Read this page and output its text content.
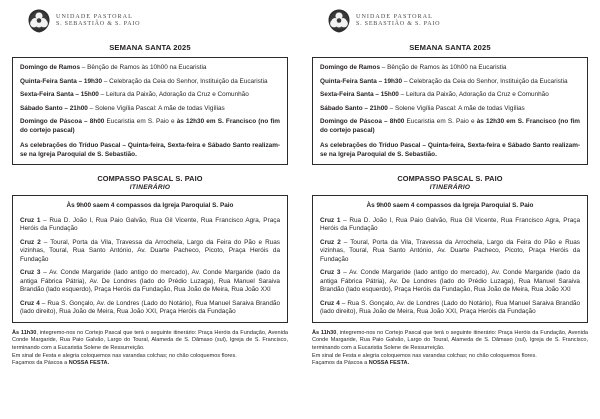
UNIDADE PASTORAL
S. SEBASTIÃO & S. PAIO
SEMANA SANTA 2025

Domingo de Ramos – Bênção de Ramos às 10h00 na Eucaristia

Quinta-Feira Santa – 19h30 – Celebração da Ceia do Senhor, Instituição da Eucaristia

Sexta-Feira Santa – 15h00 – Leitura da Paixão, Adoração da Cruz e Comunhão

Sábado Santo – 21h00 – Solene Vigília Pascal: A mãe de todas Vigílias

Domingo de Páscoa – 8h00 Eucaristia em S. Paio e às 12h30 em S. Francisco (no fim do cortejo pascal)

As celebrações do Tríduo Pascal – Quinta-feira, Sexta-feira e Sábado Santo realizam-se na Igreja Paroquial de S. Sebastião.

COMPASSO PASCAL S. PAIO
ITINERÁRIO

Às 9h00 saem 4 compassos da Igreja Paroquial S. Paio

Cruz 1 – Rua D. João I, Rua Paio Galvão, Rua Gil Vicente, Rua Francisco Agra, Praça Heróis da Fundação

Cruz 2 – Toural, Porta da Vila, Travessa da Arrochela, Largo da Feira do Pão e Ruas vizinhas, Toural, Rua Santo António, Av. Duarte Pacheco, Picoto, Praça Heróis da Fundação

Cruz 3 – Av. Conde Margaride (lado antigo do mercado), Av. Conde Margaride (lado da antiga Fábrica Pátria), Av. De Londres (lado do Prédio Luzaga), Rua Manuel Saraiva Brandão (lado esquerdo), Praça Heróis da Fundação, Rua João de Meira, Rua João XXI

Cruz 4 – Rua S. Gonçalo, Av. de Londres (Lado do Notário), Rua Manuel Saraiva Brandão (lado direito), Rua João de Meira, Rua João XXI, Praça Heróis da Fundação

Às 11h30, integremo-nos no Cortejo Pascal que terá o seguinte itinerário: Praça Heróis da Fundação, Avenida Conde Margaride, Rua Paio Galvão, Largo do Toural, Alameda de S. Dâmaso (sul), Igreja de S. Francisco, terminando com a Eucaristia Solene de Ressurreição.

Em sinal de Festa e alegria coloquemos nas varandas colchas; no chão coloquemos flores.

Façamos da Páscoa a NOSSA FESTA.

UNIDADE PASTORAL
S. SEBASTIÃO & S. PAIO
SEMANA SANTA 2025

Domingo de Ramos – Bênção de Ramos às 10h00 na Eucaristia

Quinta-Feira Santa – 19h30 – Celebração da Ceia do Senhor, Instituição da Eucaristia

Sexta-Feira Santa – 15h00 – Leitura da Paixão, Adoração da Cruz e Comunhão

Sábado Santo – 21h00 – Solene Vigília Pascal: A mãe de todas Vigílias

Domingo de Páscoa – 8h00 Eucaristia em S. Paio e às 12h30 em S. Francisco (no fim do cortejo pascal)

As celebrações do Tríduo Pascal – Quinta-feira, Sexta-feira e Sábado Santo realizam-se na Igreja Paroquial de S. Sebastião.

COMPASSO PASCAL S. PAIO
ITINERÁRIO

Às 9h00 saem 4 compassos da Igreja Paroquial S. Paio

Cruz 1 – Rua D. João I, Rua Paio Galvão, Rua Gil Vicente, Rua Francisco Agra, Praça Heróis da Fundação

Cruz 2 – Toural, Porta da Vila, Travessa da Arrochela, Largo da Feira do Pão e Ruas vizinhas, Toural, Rua Santo António, Av. Duarte Pacheco, Picoto, Praça Heróis da Fundação

Cruz 3 – Av. Conde Margaride (lado antigo do mercado), Av. Conde Margaride (lado da antiga Fábrica Pátria), Av. De Londres (lado do Prédio Luzaga), Rua Manuel Saraiva Brandão (lado esquerdo), Praça Heróis da Fundação, Rua João de Meira, Rua João XXI

Cruz 4 – Rua S. Gonçalo, Av. de Londres (Lado do Notário), Rua Manuel Saraiva Brandão (lado direito), Rua João de Meira, Rua João XXI, Praça Heróis da Fundação

Às 11h30, integremo-nos no Cortejo Pascal que terá o seguinte itinerário: Praça Heróis da Fundação, Avenida Conde Margaride, Rua Paio Galvão, Largo do Toural, Alameda de S. Dâmaso (sul), Igreja de S. Francisco, terminando com a Eucaristia Solene de Ressurreição.

Em sinal de Festa e alegria coloquemos nas varandas colchas; no chão coloquemos flores.

Façamos da Páscoa a NOSSA FESTA.
